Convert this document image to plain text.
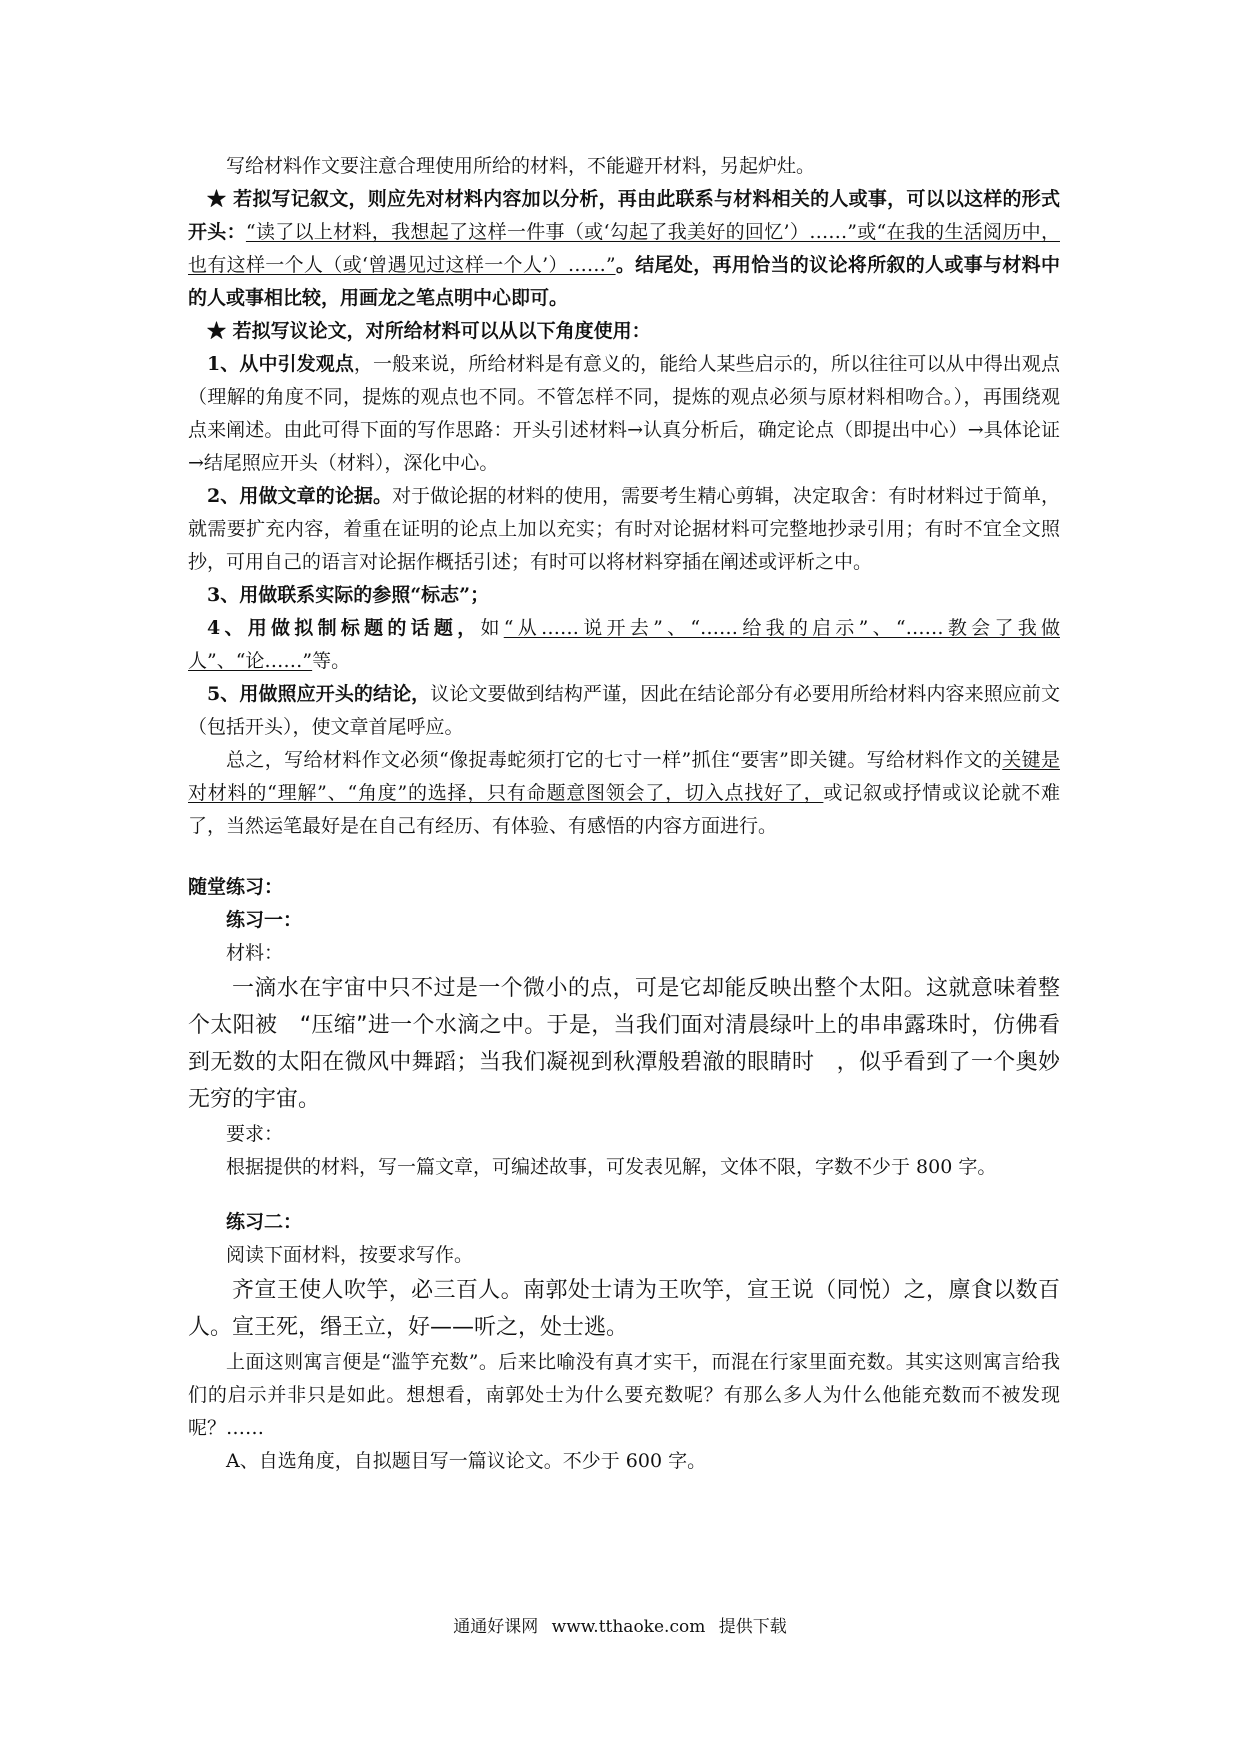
写给材料作文要注意合理使用所给的材料，不能避开材料，另起炉灶。

★ 若拟写记叙文，则应先对材料内容加以分析，再由此联系与材料相关的人或事，可以以这样的形式开头：“读了以上材料，我想起了这样一件事（或‘勾起了我美好的回忆’）……”或“在我的生活阅历中，也有这样一个人（或‘曾遇见过这样一个人’）……”。结尾处，再用恰当的议论将所叙的人或事与材料中的人或事相比较，用画龙之笔点明中心即可。

★ 若拟写议论文，对所给材料可以从以下角度使用：

1、从中引发观点，一般来说，所给材料是有意义的，能给人某些启示的，所以往往可以从中得出观点（理解的角度不同，提炼的观点也不同。不管怎样不同，提炼的观点必须与原材料相吻合。），再围绕观点来阐述。由此可得下面的写作思路：开头引述材料→认真分析后，确定论点（即提出中心）→具体论证→结尾照应开头（材料），深化中心。

2、用做文章的论据。对于做论据的材料的使用，需要考生精心剪辑，决定取舍：有时材料过于简单，就需要扩充内容，着重在证明的论点上加以充实；有时对论据材料可完整地抄录引用；有时不宜全文照抄，可用自己的语言对论据作概括引述；有时可以将材料穿插在阐述或评析之中。

3、用做联系实际的参照“标志”；

4、用做拟制标题的话题，如“从……说开去”、“……给我的启示”、“……教会了我做人”、“论……”等。

5、用做照应开头的结论，议论文要做到结构严谨，因此在结论部分有必要用所给材料内容来照应前文（包括开头），使文章首尾呼应。

总之，写给材料作文必须“像捉毒蛇须打它的七寸一样”抓住“要害”即关键。写给材料作文的关键是对材料的“理解”、“角度”的选择，只有命题意图领会了，切入点找好了，或记叙或抒情或议论就不难了，当然运笔最好是在自己有经历、有体验、有感悟的内容方面进行。

随堂练习：

练习一：

材料：

一滴水在宇宙中只不过是一个微小的点，可是它却能反映出整个太阳。这就意味着整个太阳被　“压缩”进一个水滴之中。于是，当我们面对清晨绿叶上的串串露珠时，仿佛看到无数的太阳在微风中舞蹈；当我们凝视到秋潭般碧澈的眼睛时　，似乎看到了一个奥妙无穷的宇宙。

要求：

根据提供的材料，写一篇文章，可编述故事，可发表见解，文体不限，字数不少于 800 字。

练习二：

阅读下面材料，按要求写作。

齐宣王使人吹竽，必三百人。南郭处士请为王吹竽，宣王说（同悦）之，廪食以数百人。宣王死，缗王立，好——听之，处士逃。

上面这则寓言便是“滥竽充数”。后来比喻没有真才实干，而混在行家里面充数。其实这则寓言给我们的启示并非只是如此。想想看，南郭处士为什么要充数呢？有那么多人为什么他能充数而不被发现呢？……

A、自选角度，自拟题目写一篇议论文。不少于 600 字。

通通好课网 www.tthaoke.com 提供下载
